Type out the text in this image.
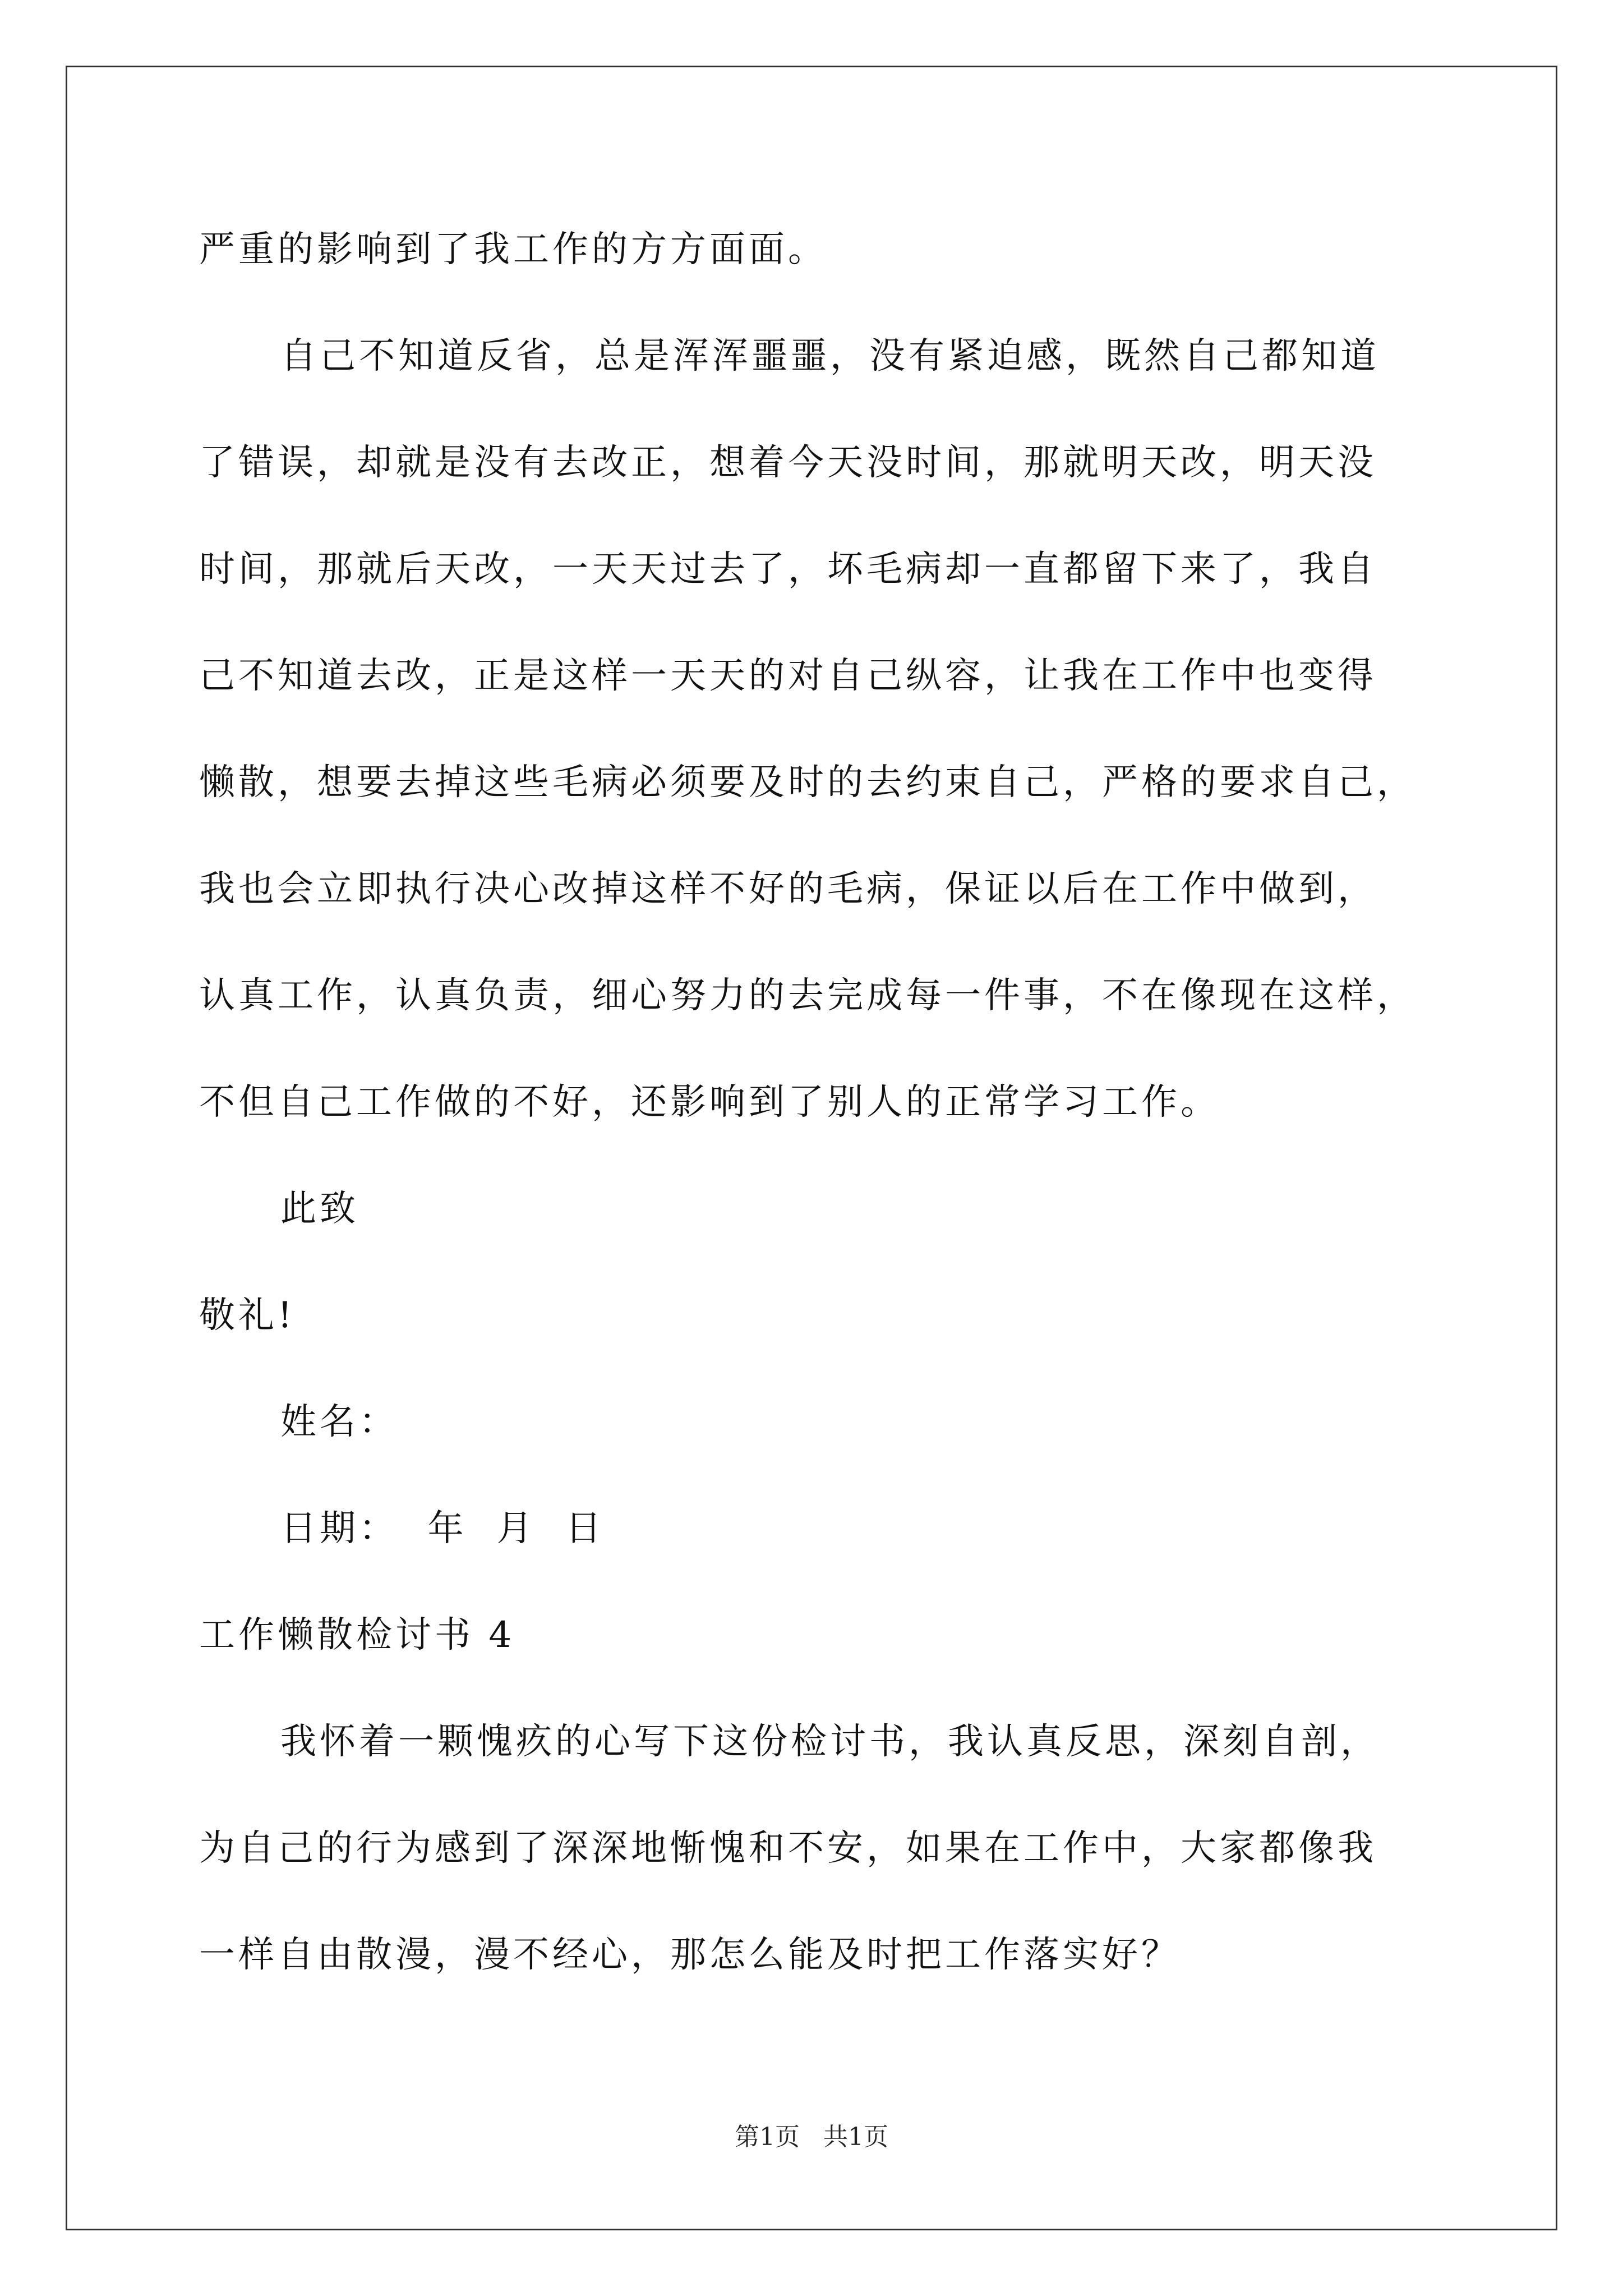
严重的影响到了我工作的方方面面。
自己不知道反省，总是浑浑噩噩，没有紧迫感，既然自己都知道
了错误，却就是没有去改正，想着今天没时间，那就明天改，明天没
时间，那就后天改，一天天过去了，坏毛病却一直都留下来了，我自
己不知道去改，正是这样一天天的对自己纵容，让我在工作中也变得
懒散，想要去掉这些毛病必须要及时的去约束自己，严格的要求自己，
我也会立即执行决心改掉这样不好的毛病，保证以后在工作中做到，
认真工作，认真负责，细心努力的去完成每一件事，不在像现在这样，
不但自己工作做的不好，还影响到了别人的正常学习工作。
此致
敬礼!
姓名：
日期：  年  月  日
工作懒散检讨书 4
我怀着一颗愧疚的心写下这份检讨书，我认真反思，深刻自剖，
为自己的行为感到了深深地惭愧和不安，如果在工作中，大家都像我
一样自由散漫，漫不经心，那怎么能及时把工作落实好？
第1页 共1页
